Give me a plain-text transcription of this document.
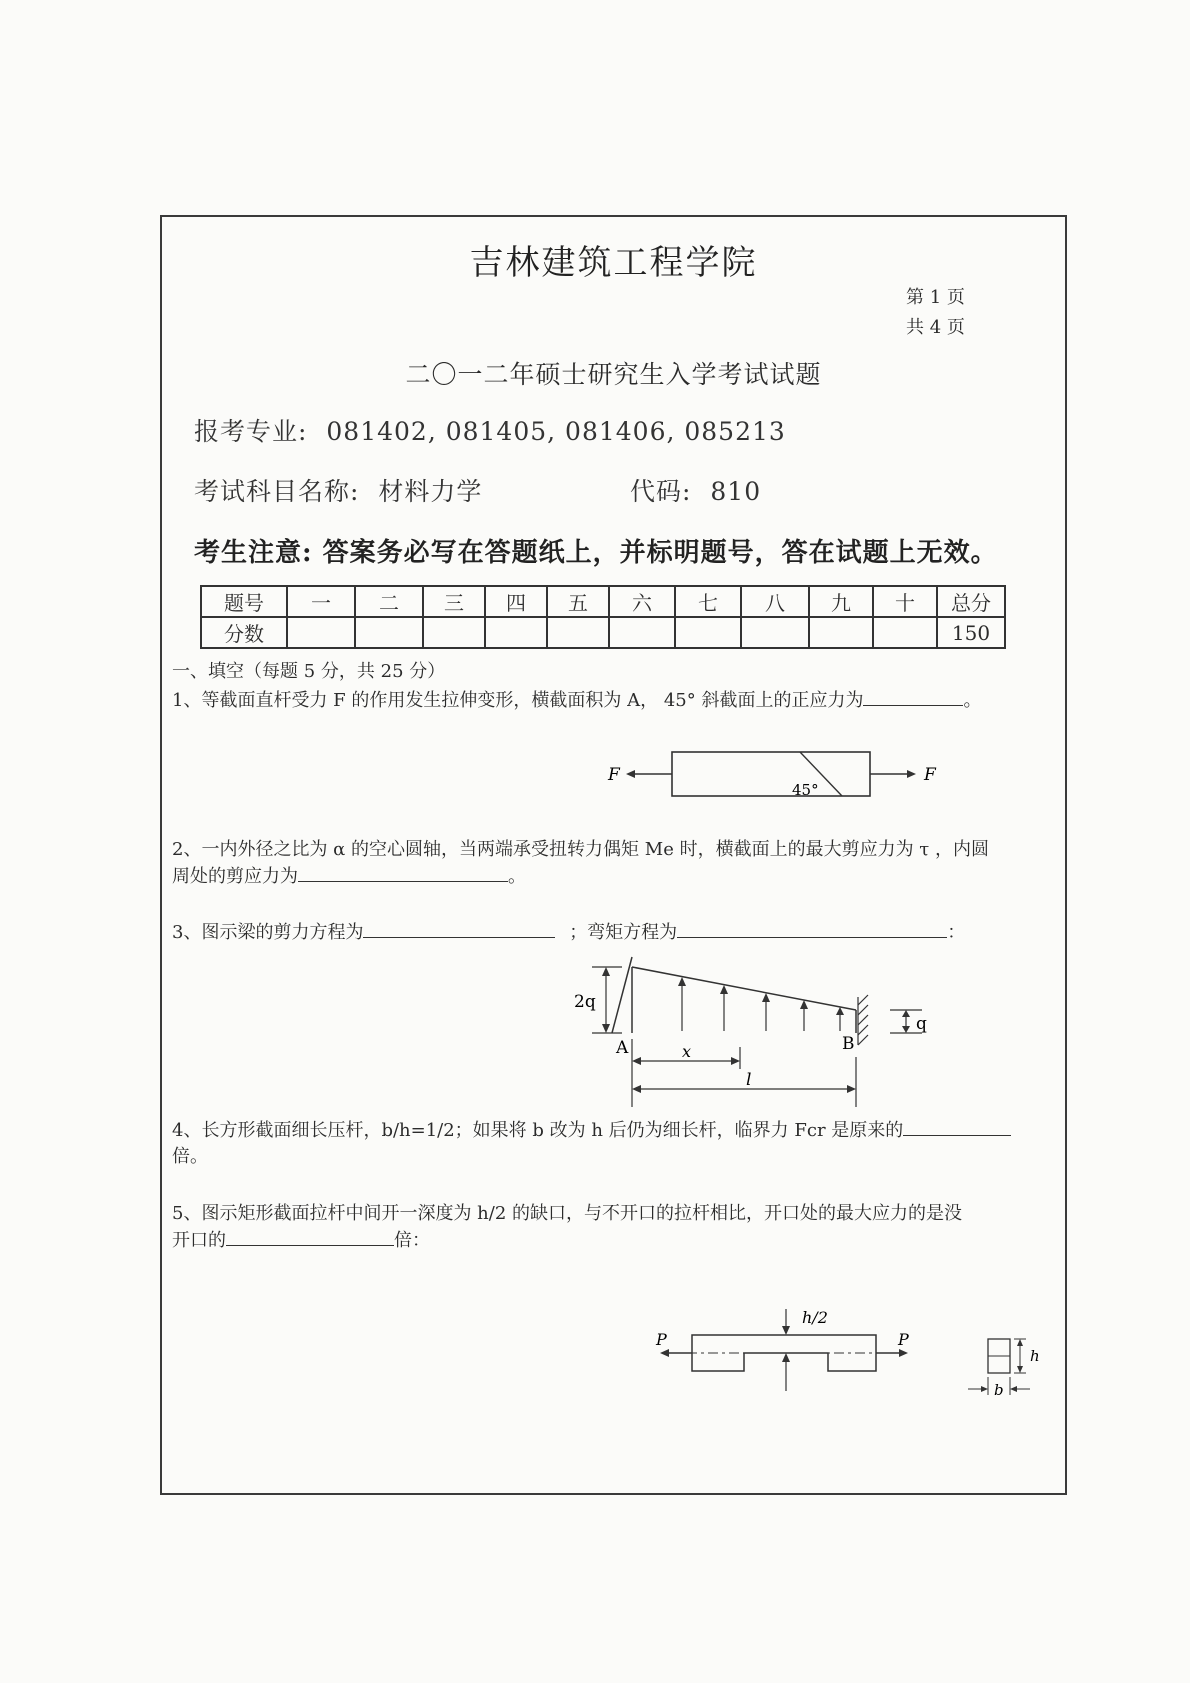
吉林建筑工程学院
第 1 页
共 4 页
二〇一二年硕士研究生入学考试试题
报考专业: 081402, 081405, 081406, 085213
考试科目名称: 材料力学	代码: 810
考生注意: 答案务必写在答题纸上，并标明题号，答在试题上无效。
题号	一	二	三	四	五	六	七	八	九	十	总分
分数											150
一、填空（每题 5 分，共 25 分）
1、等截面直杆受力 F 的作用发生拉伸变形，横截面积为 A， 45° 斜截面上的正应力为	。
F	F
45°
2、一内外径之比为 α 的空心圆轴，当两端承受扭转力偶矩 Me 时，横截面上的最大剪应力为 τ ，内圆
周处的剪应力为	。
3、图示梁的剪力方程为	；弯矩方程为	：
2q
q
A	B
x
l
4、长方形截面细长压杆，b/h=1/2；如果将 b 改为 h 后仍为细长杆，临界力 Fcr 是原来的
倍。
5、图示矩形截面拉杆中间开一深度为 h/2 的缺口，与不开口的拉杆相比，开口处的最大应力的是没
开口的	倍：
h/2
P	P
h
b
